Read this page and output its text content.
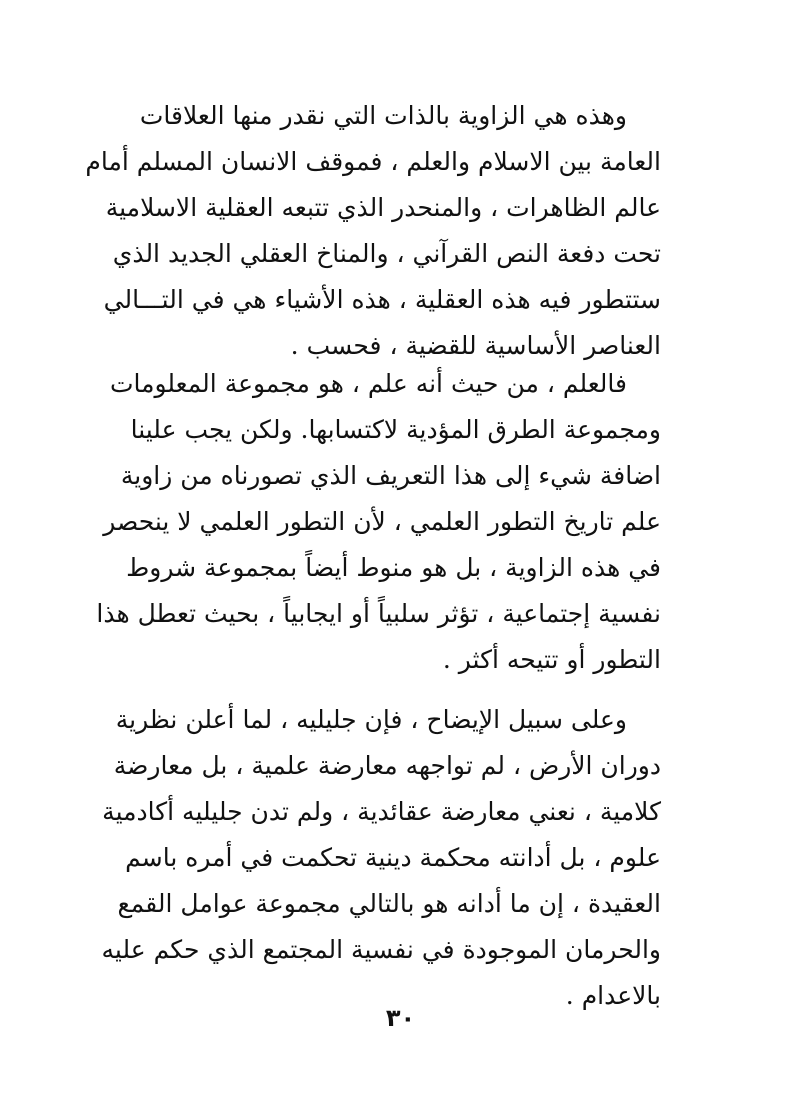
وهذه هي الزاوية بالذات التي نقدر منها العلاقات
العامة بين الاسلام والعلم ، فموقف الانسان المسلم أمام
عالم الظاهرات ، والمنحدر الذي تتبعه العقلية الاسلامية
تحت دفعة النص القرآني ، والمناخ العقلي الجديد الذي
ستتطور فيه هذه العقلية ، هذه الأشياء هي في التـــالي
العناصر الأساسية للقضية ، فحسب .
فالعلم ، من حيث أنه علم ، هو مجموعة المعلومات
ومجموعة الطرق المؤدية لاكتسابها. ولكن يجب علينا
اضافة شيء إلى هذا التعريف الذي تصورناه من زاوية
علم تاريخ التطور العلمي ، لأن التطور العلمي لا ينحصر
في هذه الزاوية ، بل هو منوط أيضاً بمجموعة شروط
نفسية إجتماعية ، تؤثر سلبياً أو ايجابياً ، بحيث تعطل هذا
التطور أو تتيحه أكثر .
وعلى سبيل الإيضاح ، فإن جليليه ، لما أعلن نظرية
دوران الأرض ، لم تواجهه معارضة علمية ، بل معارضة
كلامية ، نعني معارضة عقائدية ، ولم تدن جليليه أكادمية
علوم ، بل أدانته محكمة دينية تحكمت في أمره باسم
العقيدة ، إن ما أدانه هو بالتالي مجموعة عوامل القمع
والحرمان الموجودة في نفسية المجتمع الذي حكم عليه
بالاعدام .
٣٠
